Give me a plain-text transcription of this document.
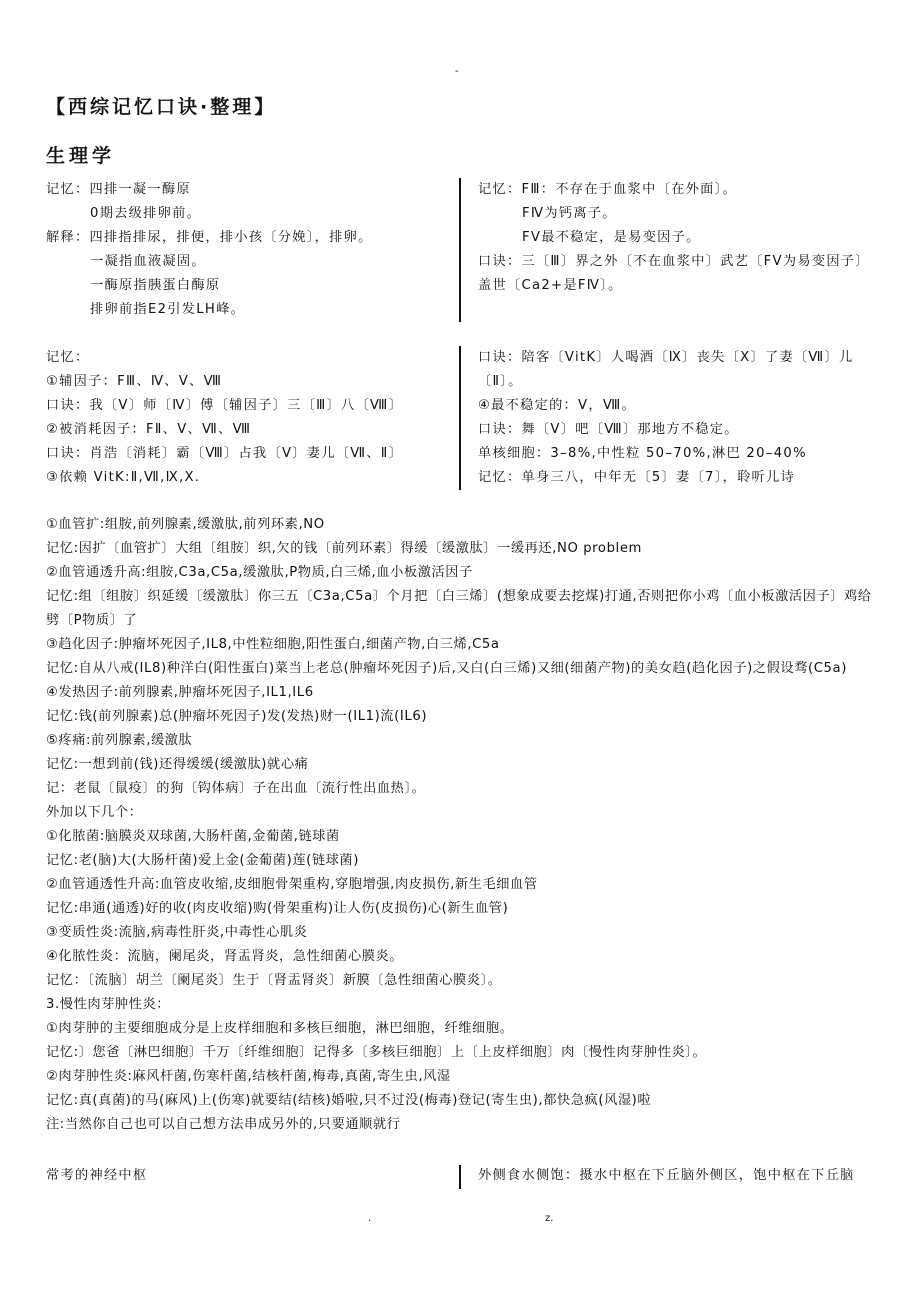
-
【西综记忆口诀·整理】
生理学
记忆：四排一凝一酶原
0期去级排卵前。
解释：四排指排尿，排便，排小孩〔分娩〕，排卵。
一凝指血液凝固。
一酶原指胰蛋白酶原
排卵前指E2引发LH峰。
记忆：FⅢ：不存在于血浆中〔在外面〕。
FⅣ为钙离子。
FⅤ最不稳定，是易变因子。
口诀：三〔Ⅲ〕界之外〔不在血浆中〕武艺〔FⅤ为易变因子〕盖世〔Ca2+是FⅣ〕。
记忆：
①辅因子：FⅢ、Ⅳ、Ⅴ、Ⅷ
口诀：我〔Ⅴ〕师〔Ⅳ〕傅〔辅因子〕三〔Ⅲ〕八〔Ⅷ〕
②被消耗因子：FⅡ、Ⅴ、Ⅶ、Ⅷ
口诀：肖浩〔消耗〕霸〔Ⅷ〕占我〔Ⅴ〕妻儿〔Ⅶ、Ⅱ〕
③依赖 VitK:Ⅱ,Ⅶ,Ⅸ,Ⅹ.
口诀：陪客〔VitK〕人喝酒〔Ⅸ〕丧失〔Ⅹ〕了妻〔Ⅶ〕儿〔Ⅱ〕。
④最不稳定的：Ⅴ，Ⅷ。
口诀：舞〔Ⅴ〕吧〔Ⅷ〕那地方不稳定。
单核细胞：3–8%,中性粒 50–70%,淋巴 20–40%
记忆：单身三八，中年无〔5〕妻〔7〕，聆听儿诗
①血管扩:组胺,前列腺素,缓激肽,前列环素,NO
记忆:因扩〔血管扩〕大组〔组胺〕织,欠的钱〔前列环素〕得缓〔缓激肽〕一缓再还,NO problem
②血管通透升高:组胺,C3a,C5a,缓激肽,P物质,白三烯,血小板激活因子
记忆:组〔组胺〕织延缓〔缓激肽〕你三五〔C3a,C5a〕个月把〔白三烯〕(想象成要去挖煤)打通,否则把你小鸡〔血小板激活因子〕鸡给劈〔P物质〕了
③趋化因子:肿瘤坏死因子,IL8,中性粒细胞,阳性蛋白,细菌产物,白三烯,C5a
记忆:自从八戒(IL8)种洋白(阳性蛋白)菜当上老总(肿瘤坏死因子)后,又白(白三烯)又细(细菌产物)的美女趋(趋化因子)之假设骛(C5a)
④发热因子:前列腺素,肿瘤坏死因子,IL1,IL6
记忆:钱(前列腺素)总(肿瘤坏死因子)发(发热)财一(IL1)流(IL6)
⑤疼痛:前列腺素,缓激肽
记忆:一想到前(钱)还得缓缓(缓激肽)就心痛
记：老鼠〔鼠疫〕的狗〔钩体病〕子在出血〔流行性出血热〕。
外加以下几个：
①化脓菌:脑膜炎双球菌,大肠杆菌,金葡菌,链球菌
记忆:老(脑)大(大肠杆菌)爱上金(金葡菌)莲(链球菌)
②血管通透性升高:血管皮收缩,皮细胞骨架重构,穿胞增强,肉皮损伤,新生毛细血管
记忆:串通(通透)好的收(肉皮收缩)购(骨架重构)让人伤(皮损伤)心(新生血管)
③变质性炎:流脑,病毒性肝炎,中毒性心肌炎
④化脓性炎：流脑，阑尾炎，肾盂肾炎，急性细菌心膜炎。
记忆：〔流脑〕胡兰〔阑尾炎〕生于〔肾盂肾炎〕新膜〔急性细菌心膜炎〕。
3.慢性肉芽肿性炎：
①肉芽肿的主要细胞成分是上皮样细胞和多核巨细胞，淋巴细胞，纤维细胞。
记忆:〕您爸〔淋巴细胞〕千万〔纤维细胞〕记得多〔多核巨细胞〕上〔上皮样细胞〕肉〔慢性肉芽肿性炎〕。
②肉芽肿性炎:麻风杆菌,伤寒杆菌,结核杆菌,梅毒,真菌,寄生虫,风湿
记忆:真(真菌)的马(麻风)上(伤寒)就要结(结核)婚啦,只不过没(梅毒)登记(寄生虫),都快急疯(风湿)啦
注:当然你自己也可以自己想方法串成另外的,只要通顺就行
常考的神经中枢	外侧食水侧饱：摄水中枢在下丘脑外侧区，饱中枢在下丘脑
.	z.
